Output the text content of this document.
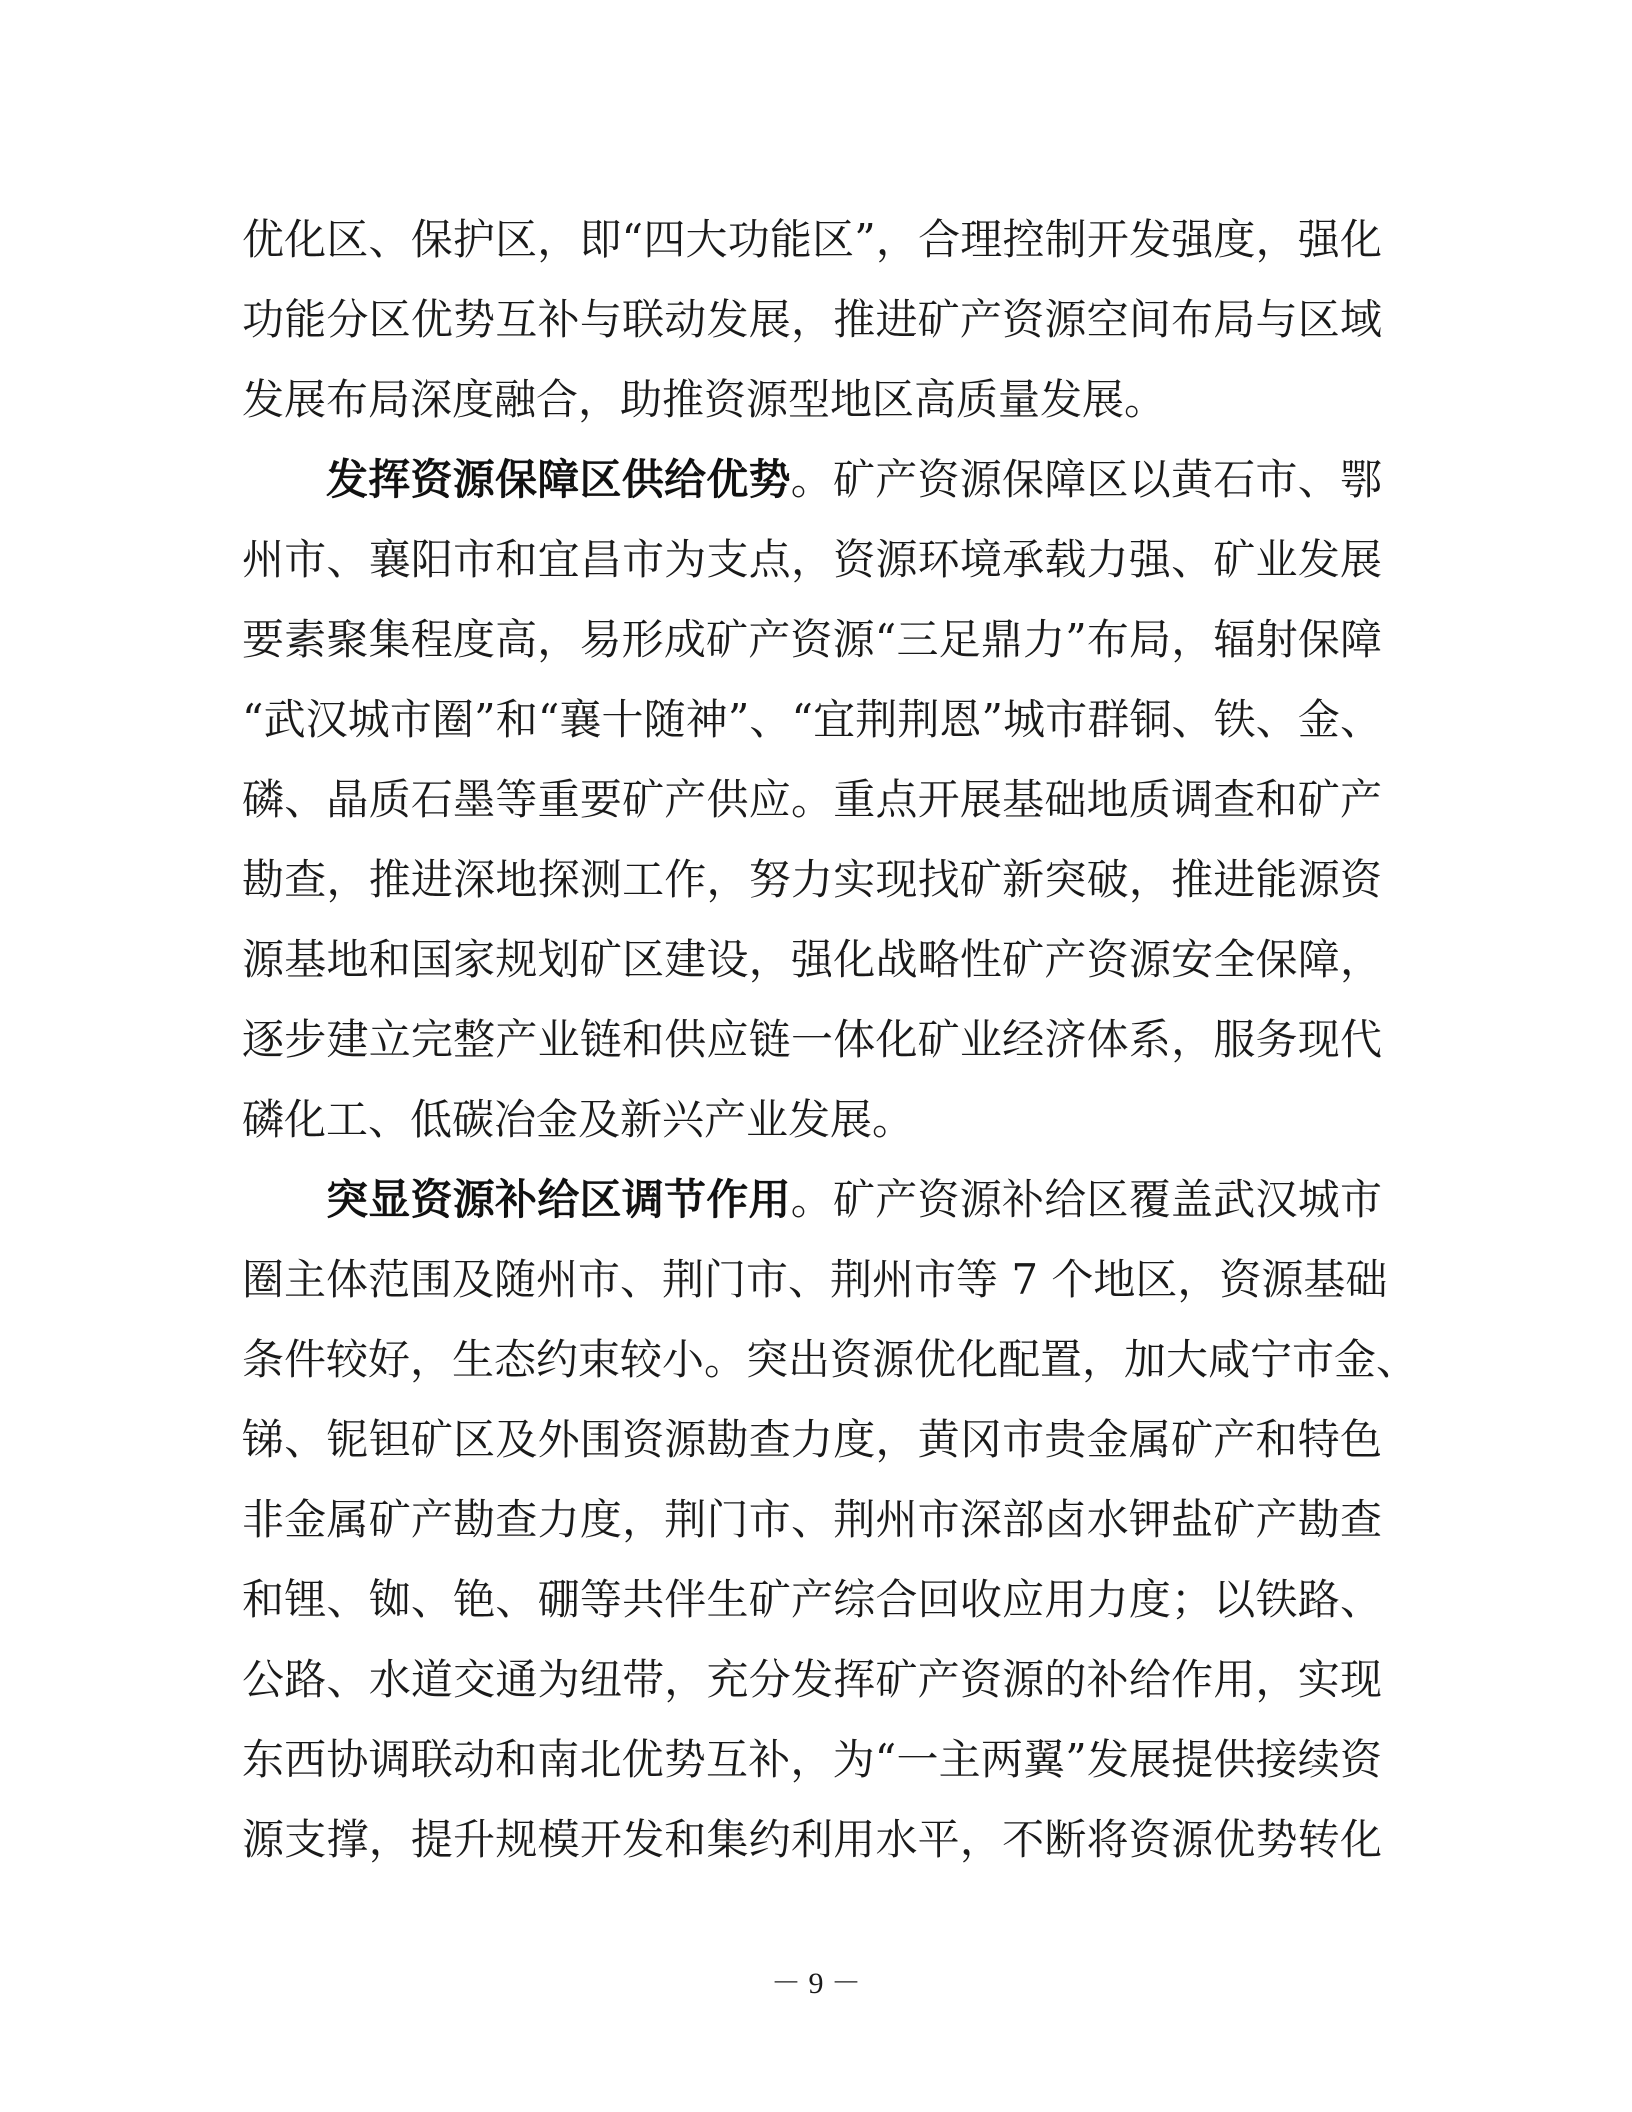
优化区、保护区，即“四大功能区”，合理控制开发强度，强化
功能分区优势互补与联动发展，推进矿产资源空间布局与区域
发展布局深度融合，助推资源型地区高质量发展。
发挥资源保障区供给优势。矿产资源保障区以黄石市、鄂
州市、襄阳市和宜昌市为支点，资源环境承载力强、矿业发展
要素聚集程度高，易形成矿产资源“三足鼎力”布局，辐射保障
“武汉城市圈”和“襄十随神”、“宜荆荆恩”城市群铜、铁、金、
磷、晶质石墨等重要矿产供应。重点开展基础地质调查和矿产
勘查，推进深地探测工作，努力实现找矿新突破，推进能源资
源基地和国家规划矿区建设，强化战略性矿产资源安全保障，
逐步建立完整产业链和供应链一体化矿业经济体系，服务现代
磷化工、低碳冶金及新兴产业发展。
突显资源补给区调节作用。矿产资源补给区覆盖武汉城市
圈主体范围及随州市、荆门市、荆州市等 7 个地区，资源基础
条件较好，生态约束较小。突出资源优化配置，加大咸宁市金、
锑、铌钽矿区及外围资源勘查力度，黄冈市贵金属矿产和特色
非金属矿产勘查力度，荆门市、荆州市深部卤水钾盐矿产勘查
和锂、铷、铯、硼等共伴生矿产综合回收应用力度；以铁路、
公路、水道交通为纽带，充分发挥矿产资源的补给作用，实现
东西协调联动和南北优势互补，为“一主两翼”发展提供接续资
源支撑，提升规模开发和集约利用水平，不断将资源优势转化
－ 9 －
